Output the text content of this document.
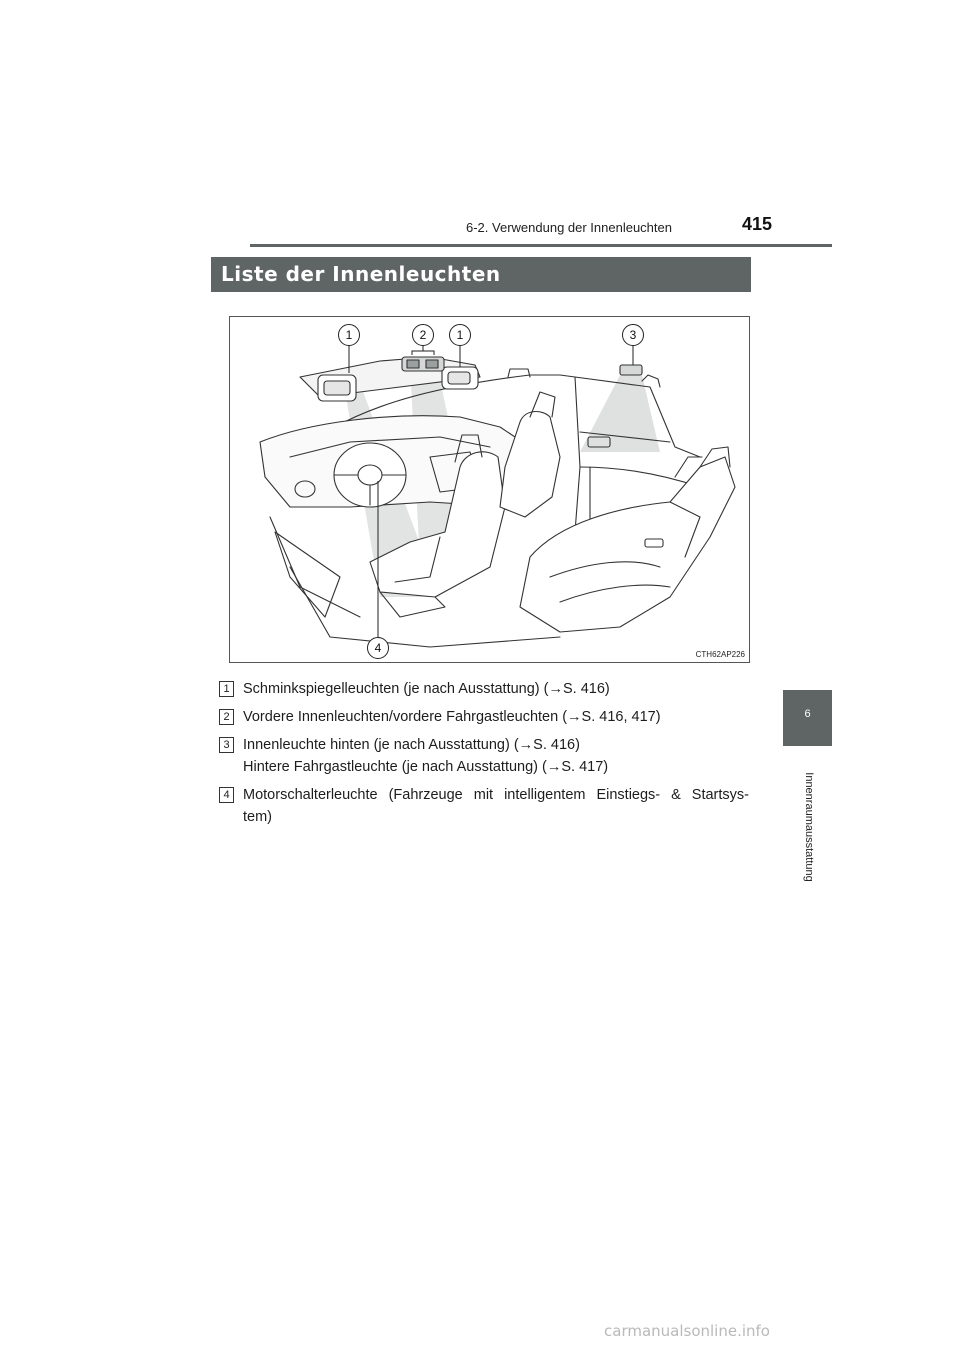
6-2. Verwendung der Innenleuchten	415
Liste der Innenleuchten
6
Innenraumausstattung
1	2	1	3
4	CTH62AP226
1 Schminkspiegelleuchten (je nach Ausstattung) (→S. 416)
2 Vordere Innenleuchten/vordere Fahrgastleuchten (→S. 416, 417)
3 Innenleuchte hinten (je nach Ausstattung) (→S. 416)
Hintere Fahrgastleuchte (je nach Ausstattung) (→S. 417)
4 Motorschalterleuchte (Fahrzeuge mit intelligentem Einstiegs- & Startsys-
tem)
carmanualsonline.info
